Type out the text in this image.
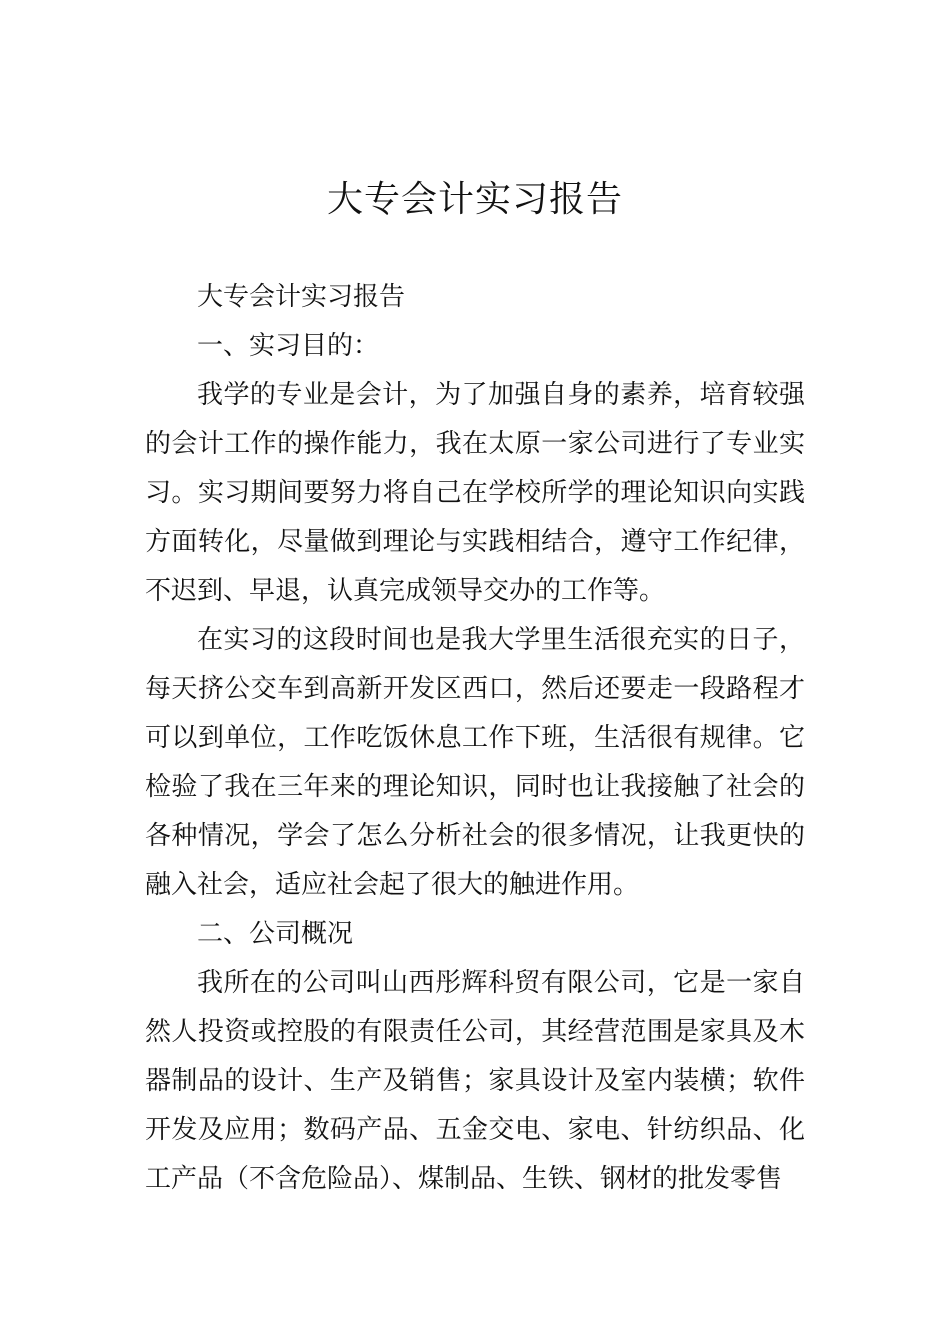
大专会计实习报告

大专会计实习报告

一、实习目的：

我学的专业是会计，为了加强自身的素养，培育较强的会计工作的操作能力，我在太原一家公司进行了专业实习。实习期间要努力将自己在学校所学的理论知识向实践方面转化，尽量做到理论与实践相结合，遵守工作纪律，不迟到、早退，认真完成领导交办的工作等。

在实习的这段时间也是我大学里生活很充实的日子，每天挤公交车到高新开发区西口，然后还要走一段路程才可以到单位，工作吃饭休息工作下班，生活很有规律。它检验了我在三年来的理论知识，同时也让我接触了社会的各种情况，学会了怎么分析社会的很多情况，让我更快的融入社会，适应社会起了很大的触进作用。

二、公司概况

我所在的公司叫山西彤辉科贸有限公司，它是一家自然人投资或控股的有限责任公司，其经营范围是家具及木器制品的设计、生产及销售；家具设计及室内装横；软件开发及应用；数码产品、五金交电、家电、针纺织品、化工产品（不含危险品）、煤制品、生铁、钢材的批发零售
